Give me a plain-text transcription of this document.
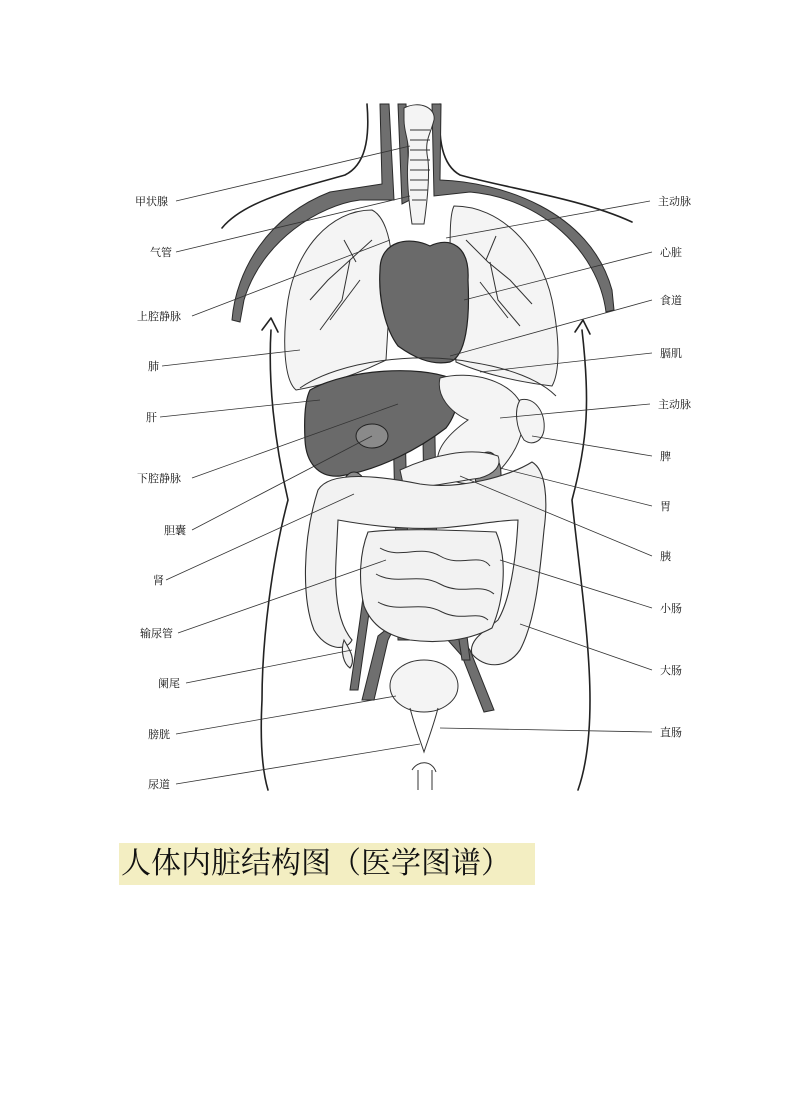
甲状腺
气管
上腔静脉
肺
肝
下腔静脉
胆囊
肾
输尿管
阑尾
膀胱
尿道
主动脉
心脏
食道
膈肌
主动脉
脾
胃
胰
小肠
大肠
直肠
人体内脏结构图（医学图谱）
